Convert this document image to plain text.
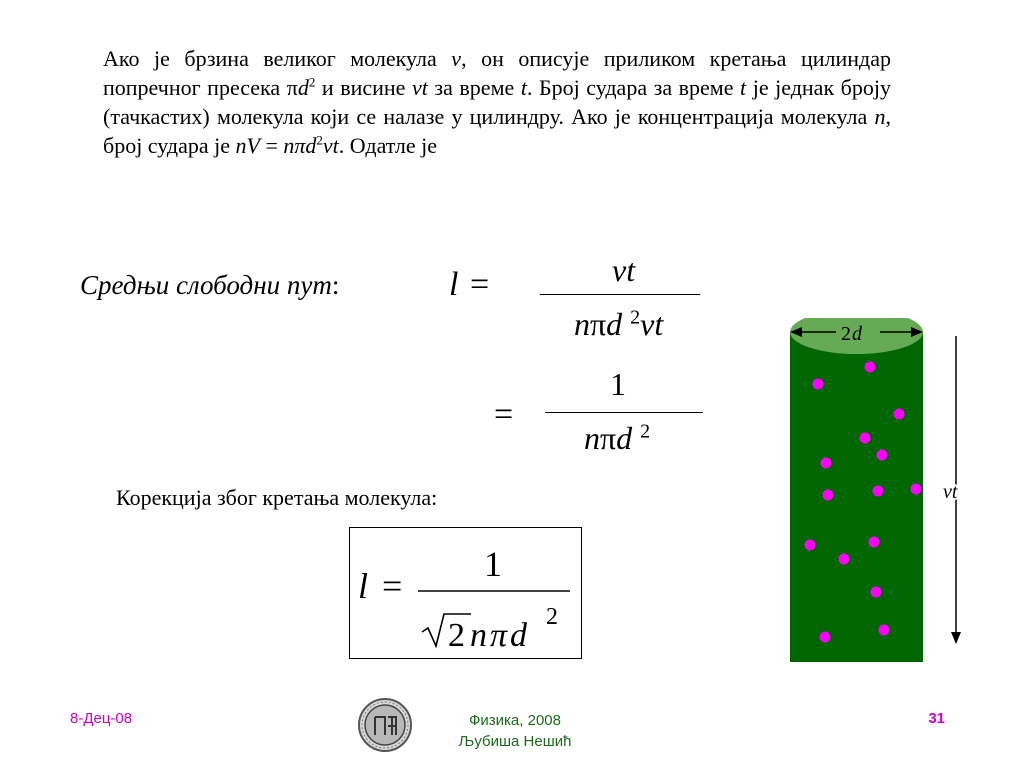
Ако је брзина великог молекула v, он описује приликом кретања цилиндар попречног пресека $\pi d^2$ и висине vt за време t. Број судара за време t је једнак броју (тачкастих) молекула који се налазе у цилиндру. Ако је концентрација молекула n, број судара је nV = nπd$^2$vt. Одатле је
Средњи слободни пут:	l =	vt
nπd $^2$vt
=
1
nπd $^2$
Корекција због кретања молекула:
l =
1
2 n π d 2
2 d
vt
8-Дец-08	Физика, 2008
Љубиша Нешић
31
